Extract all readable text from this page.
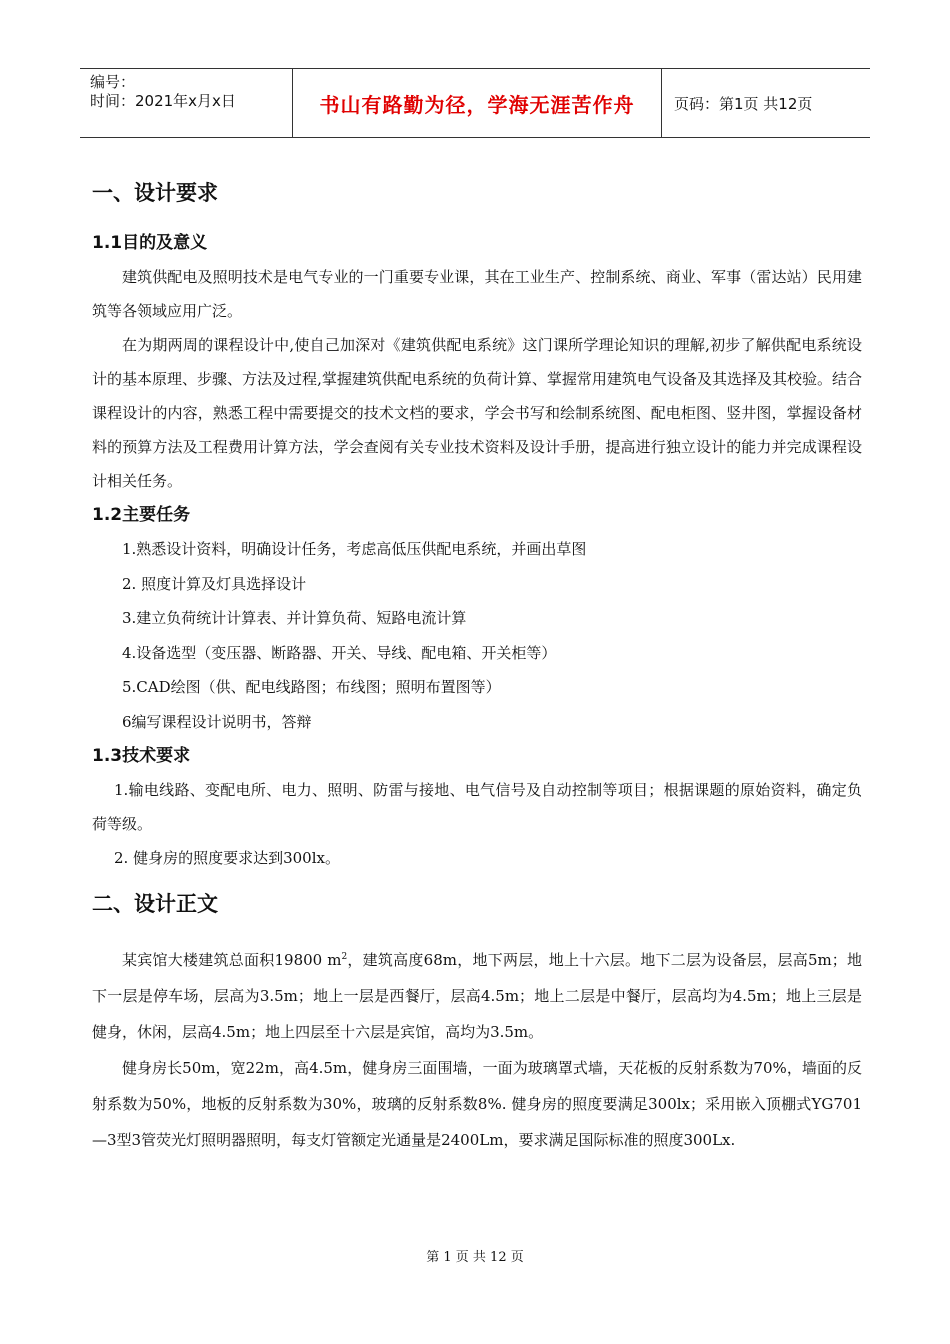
编号：
时间：2021年x月x日	书山有路勤为径，学海无涯苦作舟	页码：第1页 共12页
一、设计要求
1.1目的及意义

建筑供配电及照明技术是电气专业的一门重要专业课，其在工业生产、控制系统、商业、军事（雷达站）民用建筑等各领域应用广泛。

在为期两周的课程设计中,使自己加深对《建筑供配电系统》这门课所学理论知识的理解,初步了解供配电系统设计的基本原理、步骤、方法及过程,掌握建筑供配电系统的负荷计算、掌握常用建筑电气设备及其选择及其校验。结合课程设计的内容，熟悉工程中需要提交的技术文档的要求，学会书写和绘制系统图、配电柜图、竖井图，掌握设备材料的预算方法及工程费用计算方法，学会查阅有关专业技术资料及设计手册，提高进行独立设计的能力并完成课程设计相关任务。

1.2主要任务

1.熟悉设计资料，明确设计任务，考虑高低压供配电系统，并画出草图

2. 照度计算及灯具选择设计

3.建立负荷统计计算表、并计算负荷、短路电流计算

4.设备选型（变压器、断路器、开关、导线、配电箱、开关柜等）

5.CAD绘图（供、配电线路图；布线图；照明布置图等）

6编写课程设计说明书，答辩

1.3技术要求

1.输电线路、变配电所、电力、照明、防雷与接地、电气信号及自动控制等项目；根据课题的原始资料，确定负荷等级。

2. 健身房的照度要求达到300lx。

二、设计正文

某宾馆大楼建筑总面积19800 $m^2$，建筑高度68m，地下两层，地上十六层。地下二层为设备层，层高5m；地下一层是停车场，层高为3.5m；地上一层是西餐厅，层高4.5m；地上二层是中餐厅，层高均为4.5m；地上三层是健身，休闲，层高4.5m；地上四层至十六层是宾馆，高均为3.5m。

健身房长50m，宽22m，高4.5m，健身房三面围墙，一面为玻璃罩式墙，天花板的反射系数为70%，墙面的反射系数为50%，地板的反射系数为30%，玻璃的反射系数8%. 健身房的照度要满足300lx；采用嵌入顶棚式YG701—3型3管荧光灯照明器照明，每支灯管额定光通量是2400Lm，要求满足国际标准的照度300Lx.

第 1 页 共 12 页
